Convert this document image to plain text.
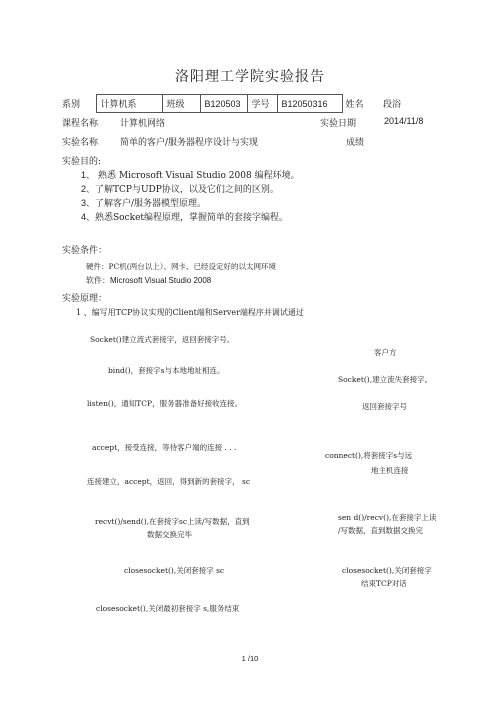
洛阳理工学院实验报告
系别	计算机系	班级	B120503	学号	B12050316	姓名	段浴
课程名称 计算机网络	实验日期	2014/11/8
实验名称 简单的客户/服务器程序设计与实现	成绩
实验目的:
1、 熟悉 Microsoft Visual Studio 2008 编程环境。
2、了解TCP与UDP协议，以及它们之间的区别。
3、了解客户/服务器模型原理。
4、熟悉Socket编程原理，掌握简单的套接字编程。
实验条件：
硬件：PC机(两台以上）、网卡、已经设定好的以太网环境
软件：Microsoft Visual Studio 2008
实验原理：
1 、编写用TCP协议实现的Client端和Server端程序并调试通过
Socket()建立流式套接字，返回套接字号。
bind()，套接字s与本地地址相连。
listen()，通知TCP，服务器准备好接收连接。
accept，接受连接，等待客户端的连接 . . .
连接建立，accept，返回，得到新的套接字， sc
recvt()/send(),在套接字sc上读/写数据，直到
数据交换完毕
closesocket(),关闭套接字 sc
closesocket(),关闭最初套接字 s,服务结束
客户方
Socket(),建立流失套接字。
返回套接字号
connect(),将套接字s与远
地主机连接
sen d()/recv(),在套接字上读
/写数据，直到数据交换完
closesocket(),关闭套接字
结束TCP对话
1 /10
